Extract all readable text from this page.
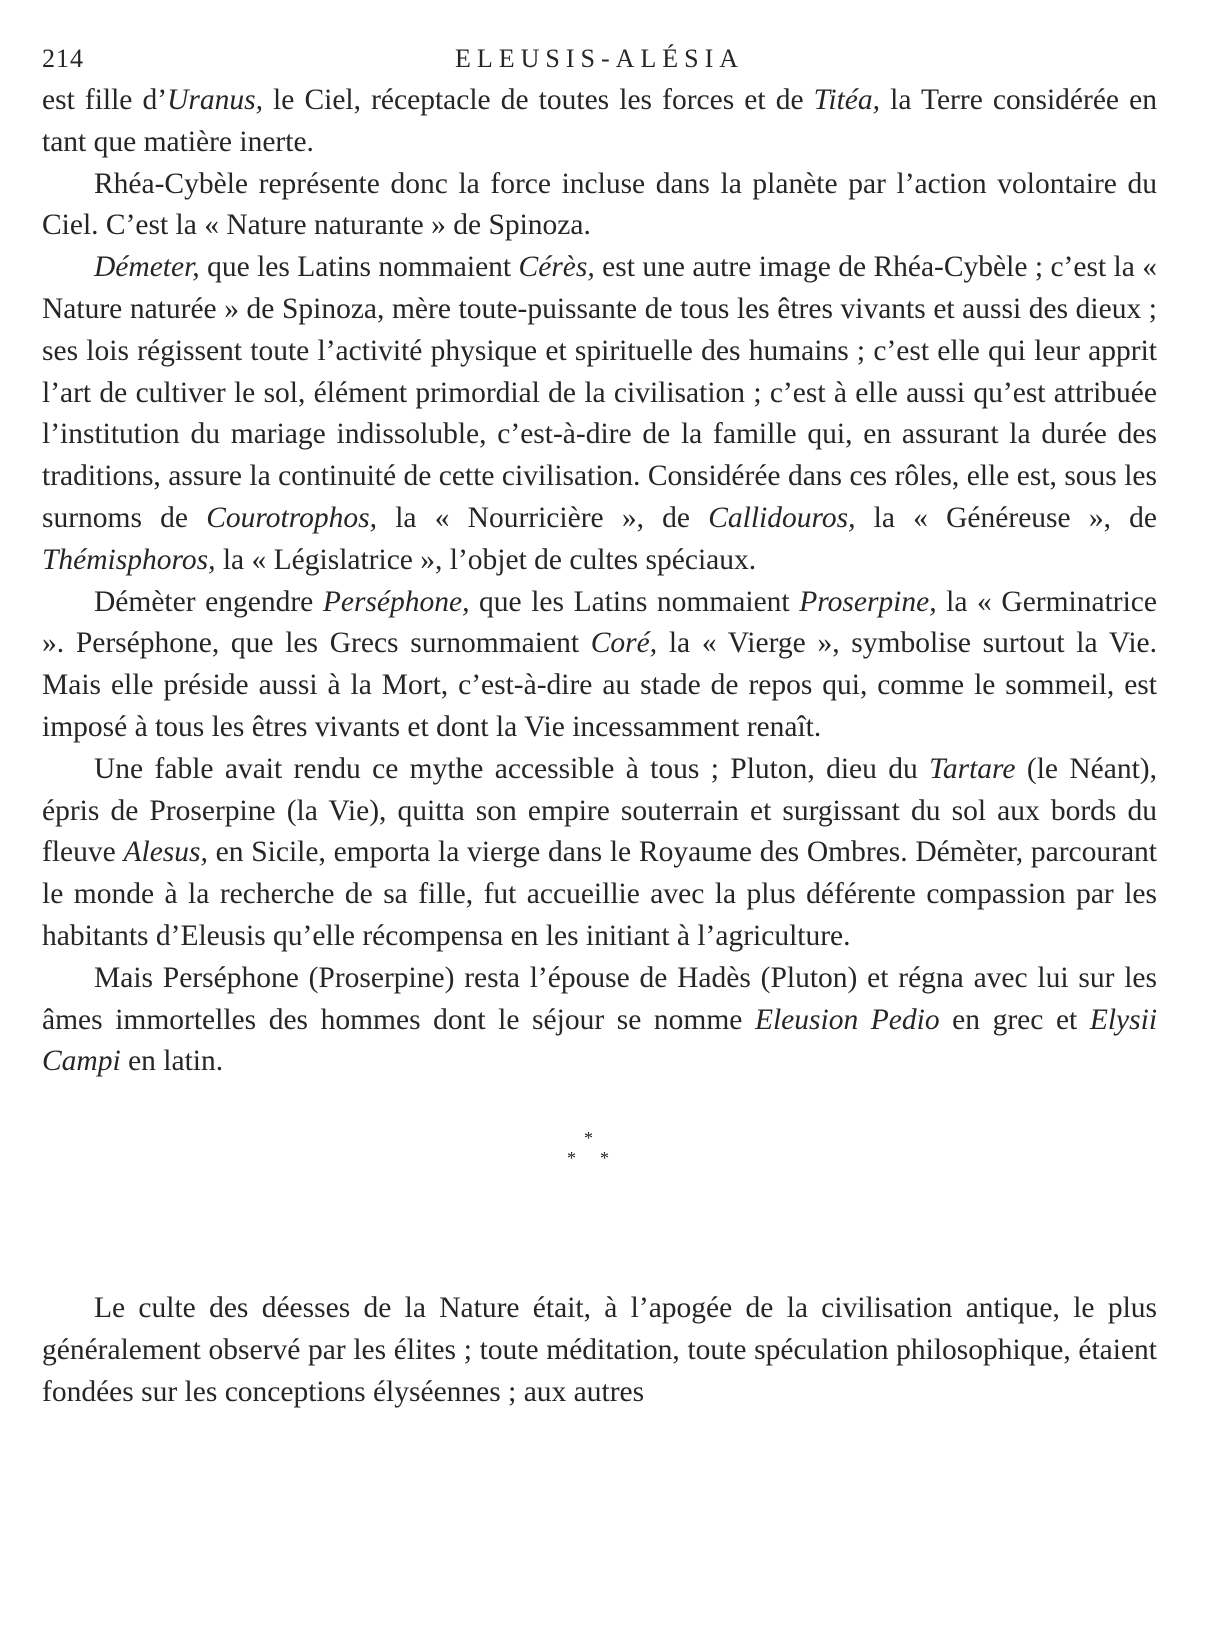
214	ELEUSIS-ALÉSIA

est fille d’Uranus, le Ciel, réceptacle de toutes les forces et de Titéa, la Terre considérée en tant que matière inerte.

Rhéa-Cybèle représente donc la force incluse dans la planète par l’action volontaire du Ciel. C’est la « Nature naturante » de Spinoza.

Démeter, que les Latins nommaient Cérès, est une autre image de Rhéa-Cybèle ; c’est la « Nature naturée » de Spinoza, mère toute-puissante de tous les êtres vivants et aussi des dieux ; ses lois régissent toute l’activité physique et spirituelle des humains ; c’est elle qui leur apprit l’art de cultiver le sol, élément primordial de la civilisation ; c’est à elle aussi qu’est attribuée l’institution du mariage indissoluble, c’est-à-dire de la famille qui, en assurant la durée des traditions, assure la continuité de cette civilisation. Considérée dans ces rôles, elle est, sous les surnoms de Courotrophos, la « Nourricière », de Callidouros, la « Généreuse », de Thémisphoros, la « Législatrice », l’objet de cultes spéciaux.

Démèter engendre Perséphone, que les Latins nommaient Proserpine, la « Germinatrice ». Perséphone, que les Grecs surnommaient Coré, la « Vierge », symbolise surtout la Vie. Mais elle préside aussi à la Mort, c’est-à-dire au stade de repos qui, comme le sommeil, est imposé à tous les êtres vivants et dont la Vie incessamment renaît.

Une fable avait rendu ce mythe accessible à tous ; Pluton, dieu du Tartare (le Néant), épris de Proserpine (la Vie), quitta son empire souterrain et surgissant du sol aux bords du fleuve Alesus, en Sicile, emporta la vierge dans le Royaume des Ombres. Démèter, parcourant le monde à la recherche de sa fille, fut accueillie avec la plus déférente compassion par les habitants d’Eleusis qu’elle récompensa en les initiant à l’agriculture.

Mais Perséphone (Proserpine) resta l’épouse de Hadès (Pluton) et régna avec lui sur les âmes immortelles des hommes dont le séjour se nomme Eleusion Pedio en grec et Elysii Campi en latin.

*
* *

Le culte des déesses de la Nature était, à l’apogée de la civilisation antique, le plus généralement observé par les élites ; toute méditation, toute spéculation philosophique, étaient fondées sur les conceptions élyséennes ; aux autres
